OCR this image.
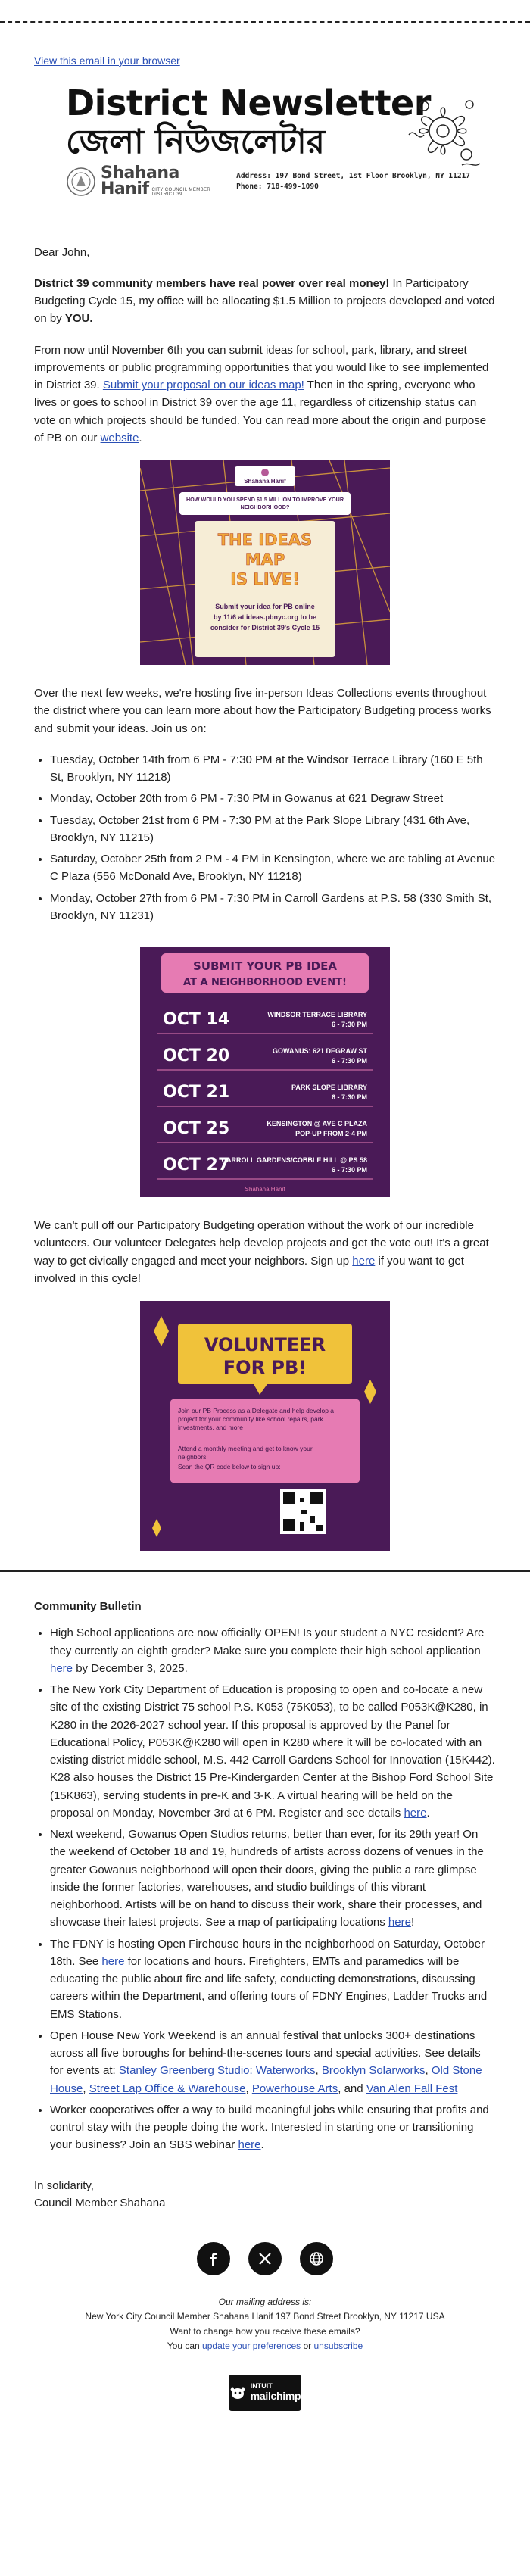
View this email in your browser
District Newsletter
জেলা নিউজলেটার
Shahana
Hanif CITY COUNCIL MEMBER
DISTRICT 39
Address: 197 Bond Street, 1st Floor Brooklyn, NY 11217
Phone: 718-499-1090

Dear John,

District 39 community members have real power over real money! In Participatory Budgeting Cycle 15, my office will be allocating $1.5 Million to projects developed and voted on by YOU.

From now until November 6th you can submit ideas for school, park, library, and street improvements or public programming opportunities that you would like to see implemented in District 39. Submit your proposal on our ideas map! Then in the spring, everyone who lives or goes to school in District 39 over the age 11, regardless of citizenship status can vote on which projects should be funded. You can read more about the origin and purpose of PB on our website.

Shahana Hanif
HOW WOULD YOU SPEND $1.5 MILLION TO IMPROVE YOUR NEIGHBORHOOD?
THE IDEAS
MAP
IS LIVE!
Submit your idea for PB online
by 11/6 at ideas.pbnyc.org to be
consider for District 39's Cycle 15

Over the next few weeks, we're hosting five in-person Ideas Collections events throughout the district where you can learn more about how the Participatory Budgeting process works and submit your ideas. Join us on:

• Tuesday, October 14th from 6 PM - 7:30 PM at the Windsor Terrace Library (160 E 5th St, Brooklyn, NY 11218)
• Monday, October 20th from 6 PM - 7:30 PM in Gowanus at 621 Degraw Street
• Tuesday, October 21st from 6 PM - 7:30 PM at the Park Slope Library (431 6th Ave, Brooklyn, NY 11215)
• Saturday, October 25th from 2 PM - 4 PM in Kensington, where we are tabling at Avenue C Plaza (556 McDonald Ave, Brooklyn, NY 11218)
• Monday, October 27th from 6 PM - 7:30 PM in Carroll Gardens at P.S. 58 (330 Smith St, Brooklyn, NY 11231)
SUBMIT YOUR PB IDEA
AT A NEIGHBORHOOD EVENT!
OCT 14	WINDSOR TERRACE LIBRARY
6 - 7:30 PM
OCT 20	GOWANUS: 621 DEGRAW ST
6 - 7:30 PM
OCT 21	PARK SLOPE LIBRARY
6 - 7:30 PM
OCT 25	KENSINGTON @ AVE C PLAZA
POP-UP FROM 2-4 PM
OCT 27
CARROLL GARDENS/COBBLE HILL @ PS 58
6 - 7:30 PM
Shahana Hanif

We can't pull off our Participatory Budgeting operation without the work of our incredible volunteers. Our volunteer Delegates help develop projects and get the vote out! It's a great way to get civically engaged and meet your neighbors. Sign up here if you want to get involved in this cycle!

VOLUNTEER
FOR PB!
Join our PB Process as a Delegate and help develop a project for your community like school repairs, park investments, and more
Attend a monthly meeting and get to know your neighbors
Scan the QR code below to sign up:

Community Bulletin

• High School applications are now officially OPEN! Is your student a NYC resident? Are they currently an eighth grader? Make sure you complete their high school application here by December 3, 2025.
• The New York City Department of Education is proposing to open and co-locate a new site of the existing District 75 school P.S. K053 (75K053), to be called P053K@K280, in K280 in the 2026-2027 school year. If this proposal is approved by the Panel for Educational Policy, P053K@K280 will open in K280 where it will be co-located with an existing district middle school, M.S. 442 Carroll Gardens School for Innovation (15K442). K28 also houses the District 15 Pre-Kindergarden Center at the Bishop Ford School Site (15K863), serving students in pre-K and 3-K. A virtual hearing will be held on the proposal on Monday, November 3rd at 6 PM. Register and see details here.
• Next weekend, Gowanus Open Studios returns, better than ever, for its 29th year! On the weekend of October 18 and 19, hundreds of artists across dozens of venues in the greater Gowanus neighborhood will open their doors, giving the public a rare glimpse inside the former factories, warehouses, and studio buildings of this vibrant neighborhood. Artists will be on hand to discuss their work, share their processes, and showcase their latest projects. See a map of participating locations here!
• The FDNY is hosting Open Firehouse hours in the neighborhood on Saturday, October 18th. See here for locations and hours. Firefighters, EMTs and paramedics will be educating the public about fire and life safety, conducting demonstrations, discussing careers within the Department, and offering tours of FDNY Engines, Ladder Trucks and EMS Stations.
• Open House New York Weekend is an annual festival that unlocks 300+ destinations across all five boroughs for behind-the-scenes tours and special activities. See details for events at: Stanley Greenberg Studio: Waterworks, Brooklyn Solarworks, Old Stone House, Street Lap Office & Warehouse, Powerhouse Arts, and Van Alen Fall Fest
• Worker cooperatives offer a way to build meaningful jobs while ensuring that profits and control stay with the people doing the work. Interested in starting one or transitioning your business? Join an SBS webinar here.
In solidarity,
Council Member Shahana
Our mailing address is:
New York City Council Member Shahana Hanif 197 Bond Street Brooklyn, NY 11217 USA
Want to change how you receive these emails?
You can update your preferences or unsubscribe
INTUIT
mailchimp
